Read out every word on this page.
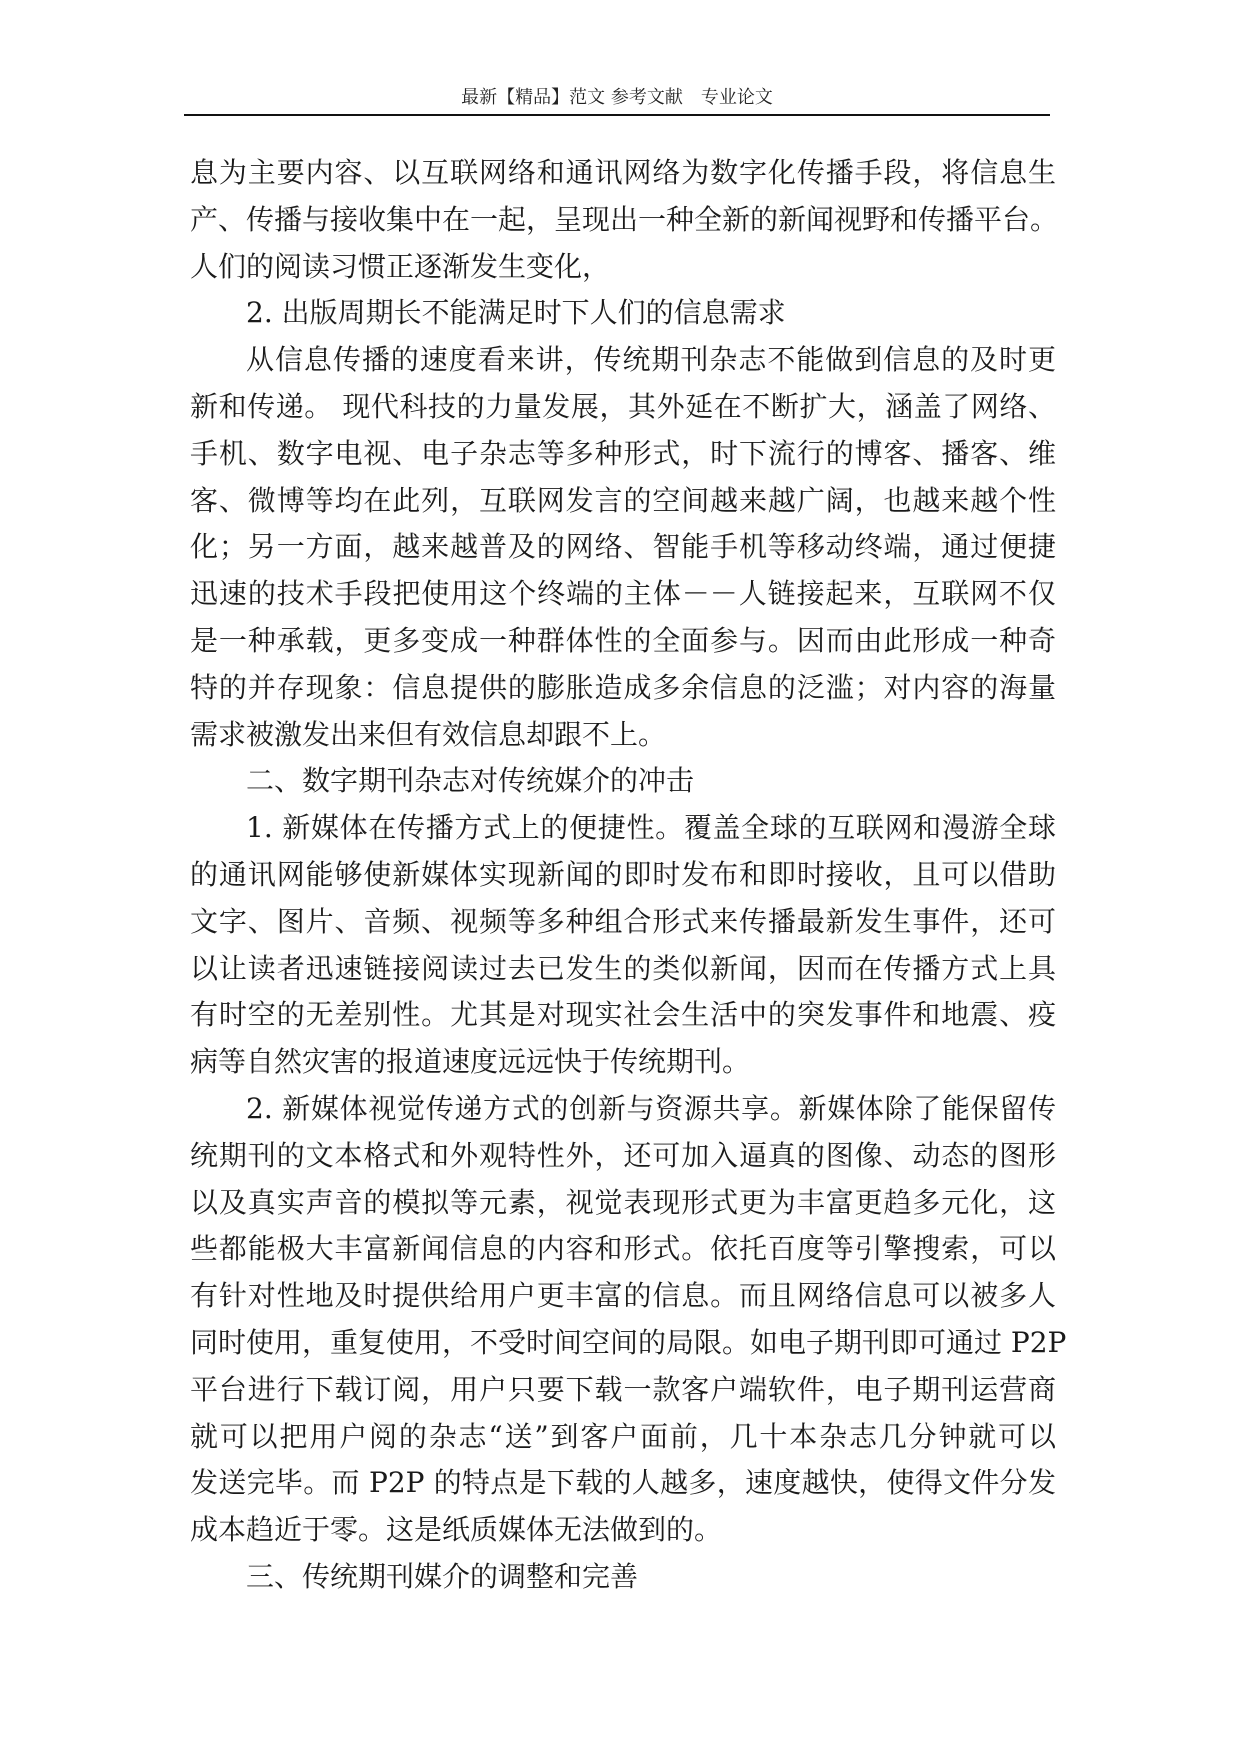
最新【精品】范文 参考文献　专业论文
息为主要内容、以互联网络和通讯网络为数字化传播手段，将信息生
产、传播与接收集中在一起，呈现出一种全新的新闻视野和传播平台。
人们的阅读习惯正逐渐发生变化，
2. 出版周期长不能满足时下人们的信息需求
从信息传播的速度看来讲，传统期刊杂志不能做到信息的及时更
新和传递。 现代科技的力量发展，其外延在不断扩大，涵盖了网络、
手机、数字电视、电子杂志等多种形式，时下流行的博客、播客、维
客、微博等均在此列，互联网发言的空间越来越广阔，也越来越个性
化；另一方面，越来越普及的网络、智能手机等移动终端，通过便捷
迅速的技术手段把使用这个终端的主体－－人链接起来，互联网不仅
是一种承载，更多变成一种群体性的全面参与。因而由此形成一种奇
特的并存现象：信息提供的膨胀造成多余信息的泛滥；对内容的海量
需求被激发出来但有效信息却跟不上。
二、数字期刊杂志对传统媒介的冲击
1. 新媒体在传播方式上的便捷性。覆盖全球的互联网和漫游全球
的通讯网能够使新媒体实现新闻的即时发布和即时接收，且可以借助
文字、图片、音频、视频等多种组合形式来传播最新发生事件，还可
以让读者迅速链接阅读过去已发生的类似新闻，因而在传播方式上具
有时空的无差别性。尤其是对现实社会生活中的突发事件和地震、疫
病等自然灾害的报道速度远远快于传统期刊。
2. 新媒体视觉传递方式的创新与资源共享。新媒体除了能保留传
统期刊的文本格式和外观特性外，还可加入逼真的图像、动态的图形
以及真实声音的模拟等元素，视觉表现形式更为丰富更趋多元化，这
些都能极大丰富新闻信息的内容和形式。依托百度等引擎搜索，可以
有针对性地及时提供给用户更丰富的信息。而且网络信息可以被多人
同时使用，重复使用，不受时间空间的局限。如电子期刊即可通过 P2P
平台进行下载订阅，用户只要下载一款客户端软件，电子期刊运营商
就可以把用户阅的杂志“送”到客户面前，几十本杂志几分钟就可以
发送完毕。而 P2P 的特点是下载的人越多，速度越快，使得文件分发
成本趋近于零。这是纸质媒体无法做到的。
三、传统期刊媒介的调整和完善
